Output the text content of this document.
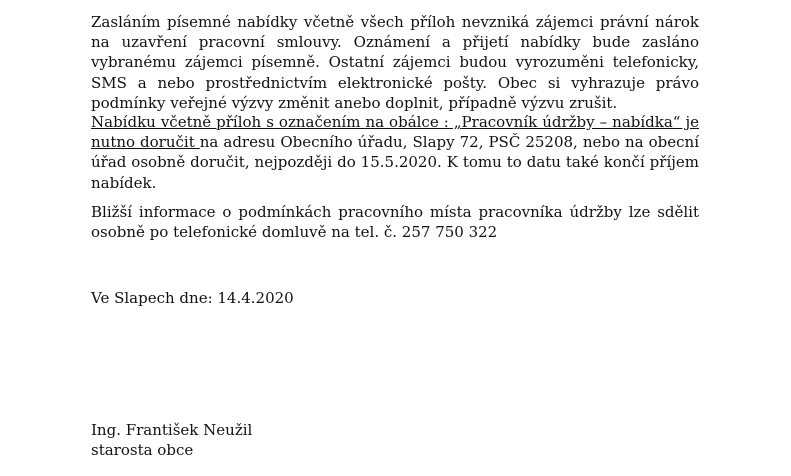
Zasláním písemné nabídky včetně všech příloh nevzniká zájemci právní nárok na uzavření pracovní smlouvy. Oznámení a přijetí nabídky bude zasláno vybranému zájemci písemně. Ostatní zájemci budou vyrozuměni telefonicky, SMS a nebo prostřednictvím elektronické pošty. Obec si vyhrazuje právo podmínky veřejné výzvy změnit anebo doplnit, případně výzvu zrušit.

Nabídku včetně příloh s označením na obálce : „Pracovník údržby – nabídka“ je nutno doručit na adresu Obecního úřadu, Slapy 72, PSČ 25208, nebo na obecní úřad osobně doručit, nejpozději do 15.5.2020. K tomu to datu také končí příjem nabídek.

Bližší informace o podmínkách pracovního místa pracovníka údržby lze sdělit osobně po telefonické domluvě na tel. č. 257 750 322

Ve Slapech dne: 14.4.2020

Ing. František Neužil

starosta obce
